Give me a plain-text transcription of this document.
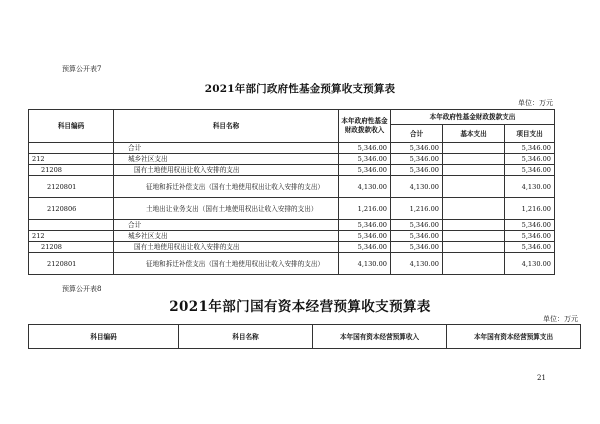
预算公开表7
2021年部门政府性基金预算收支预算表
单位：万元
科目编码	科目名称	本年政府性基金财政拨款收入	本年政府性基金财政拨款支出		
			合计	基本支出	项目支出
	合计	5,346.00	5,346.00		5,346.00
212	城乡社区支出	5,346.00	5,346.00		5,346.00
21208	国有土地使用权出让收入安排的支出	5,346.00	5,346.00		5,346.00
2120801	征地和拆迁补偿支出（国有土地使用权出让收入安排的支出）	4,130.00	4,130.00		4,130.00
2120806	土地出让业务支出（国有土地使用权出让收入安排的支出）	1,216.00	1,216.00		1,216.00
	合计	5,346.00	5,346.00		5,346.00
212	城乡社区支出	5,346.00	5,346.00		5,346.00
21208	国有土地使用权出让收入安排的支出	5,346.00	5,346.00		5,346.00
2120801	征地和拆迁补偿支出（国有土地使用权出让收入安排的支出）	4,130.00	4,130.00		4,130.00
预算公开表8
2021年部门国有资本经营预算收支预算表
单位：万元
科目编码	科目名称	本年国有资本经营预算收入	本年国有资本经营预算支出
21
